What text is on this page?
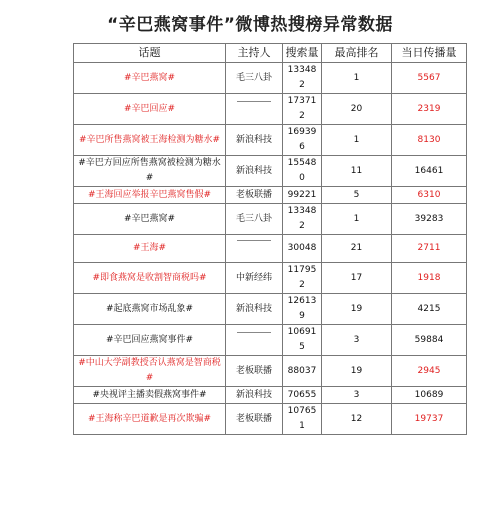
“辛巴燕窝事件”微博热搜榜异常数据
话题	主持人	搜索量	最高排名	当日传播量
#辛巴燕窝#	毛三八卦	133482	1	5567
#辛巴回应#		173712	20	2319
#辛巴所售燕窝被王海检测为糖水#	新浪科技	169396	1	8130
#辛巴方回应所售燕窝被检测为糖水#	新浪科技	155480	11	16461
#王海回应举报辛巴燕窝售假#	老板联播	99221	5	6310
#辛巴燕窝#	毛三八卦	133482	1	39283
#王海#		30048	21	2711
#即食燕窝是收割智商税吗#	中新经纬	117952	17	1918
#起底燕窝市场乱象#	新浪科技	126139	19	4215
#辛巴回应燕窝事件#		106915	3	59884
#中山大学副教授否认燕窝是智商税#	老板联播	88037	19	2945
#央视评主播卖假燕窝事件#	新浪科技	70655	3	10689
#王海称辛巴道歉是再次欺骗#	老板联播	107651	12	19737
